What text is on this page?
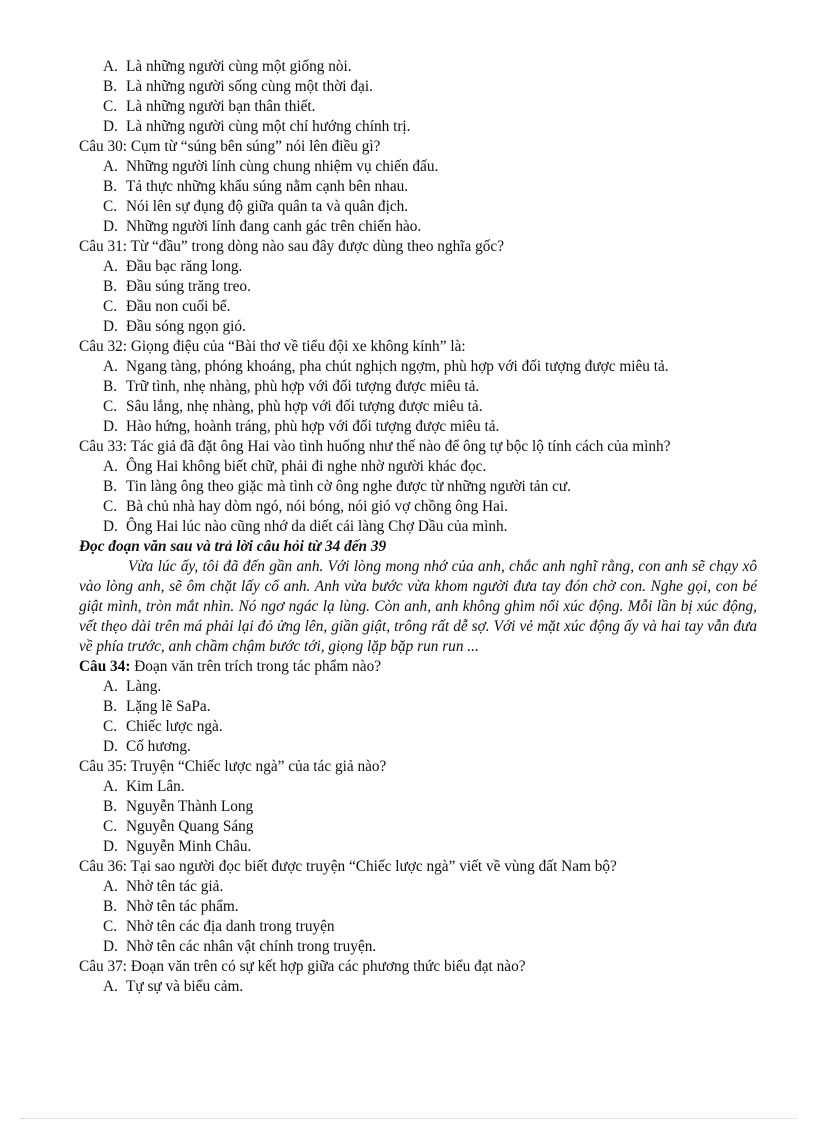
A. Là những người cùng một giống nòi.
B. Là những người sống cùng một thời đại.
C. Là những người bạn thân thiết.
D. Là những người cùng một chí hướng chính trị.

Câu 30: Cụm từ “súng bên súng” nói lên điều gì?

A. Những người lính cùng chung nhiệm vụ chiến đấu.
B. Tả thực những khẩu súng nằm cạnh bên nhau.
C. Nói lên sự đụng độ giữa quân ta và quân địch.
D. Những người lính đang canh gác trên chiến hào.

Câu 31: Từ “đầu” trong dòng nào sau đây được dùng theo nghĩa gốc?

A. Đầu bạc răng long.
B. Đầu súng trăng treo.
C. Đầu non cuối bể.
D. Đầu sóng ngọn gió.

Câu 32: Giọng điệu của “Bài thơ về tiểu đội xe không kính” là:

A. Ngang tàng, phóng khoáng, pha chút nghịch ngợm, phù hợp với đối tượng được miêu tả.
B. Trữ tình, nhẹ nhàng, phù hợp với đối tượng được miêu tả.
C. Sâu lắng, nhẹ nhàng, phù hợp với đối tượng được miêu tả.
D. Hào hứng, hoành tráng, phù hợp với đối tượng được miêu tả.

Câu 33: Tác giả đã đặt ông Hai vào tình huống như thế nào để ông tự bộc lộ tính cách của mình?

A. Ông Hai không biết chữ, phải đi nghe nhờ người khác đọc.
B. Tin làng ông theo giặc mà tình cờ ông nghe được từ những người tản cư.
C. Bà chủ nhà hay dòm ngó, nói bóng, nói gió vợ chồng ông Hai.
D. Ông Hai lúc nào cũng nhớ da diết cái làng Chợ Dầu của mình.
Đọc đoạn văn sau và trả lời câu hỏi từ 34 đến 39

Vừa lúc ấy, tôi đã đến gần anh. Với lòng mong nhớ của anh, chắc anh nghĩ rằng, con anh sẽ chạy xô vào lòng anh, sẽ ôm chặt lấy cổ anh. Anh vừa bước vừa khom người đưa tay đón chờ con. Nghe gọi, con bé giật mình, tròn mắt nhìn. Nó ngơ ngác lạ lùng. Còn anh, anh không ghìm nổi xúc động. Mỗi lần bị xúc động, vết thẹo dài trên má phải lại đỏ ửng lên, giần giật, trông rất dễ sợ. Với vẻ mặt xúc động ấy và hai tay vẫn đưa về phía trước, anh chầm chậm bước tới, giọng lặp bặp run run ...

Câu 34: Đoạn văn trên trích trong tác phẩm nào?

A. Làng.
B. Lặng lẽ SaPa.
C. Chiếc lược ngà.
D. Cố hương.

Câu 35: Truyện “Chiếc lược ngà” của tác giả nào?

A. Kim Lân.
B. Nguyễn Thành Long
C. Nguyễn Quang Sáng
D. Nguyễn Minh Châu.

Câu 36: Tại sao người đọc biết được truyện “Chiếc lược ngà” viết về vùng đất Nam bộ?

A. Nhờ tên tác giả.
B. Nhờ tên tác phẩm.
C. Nhờ tên các địa danh trong truyện
D. Nhờ tên các nhân vật chính trong truyện.

Câu 37: Đoạn văn trên có sự kết hợp giữa các phương thức biểu đạt nào?

A. Tự sự và biểu cảm.
